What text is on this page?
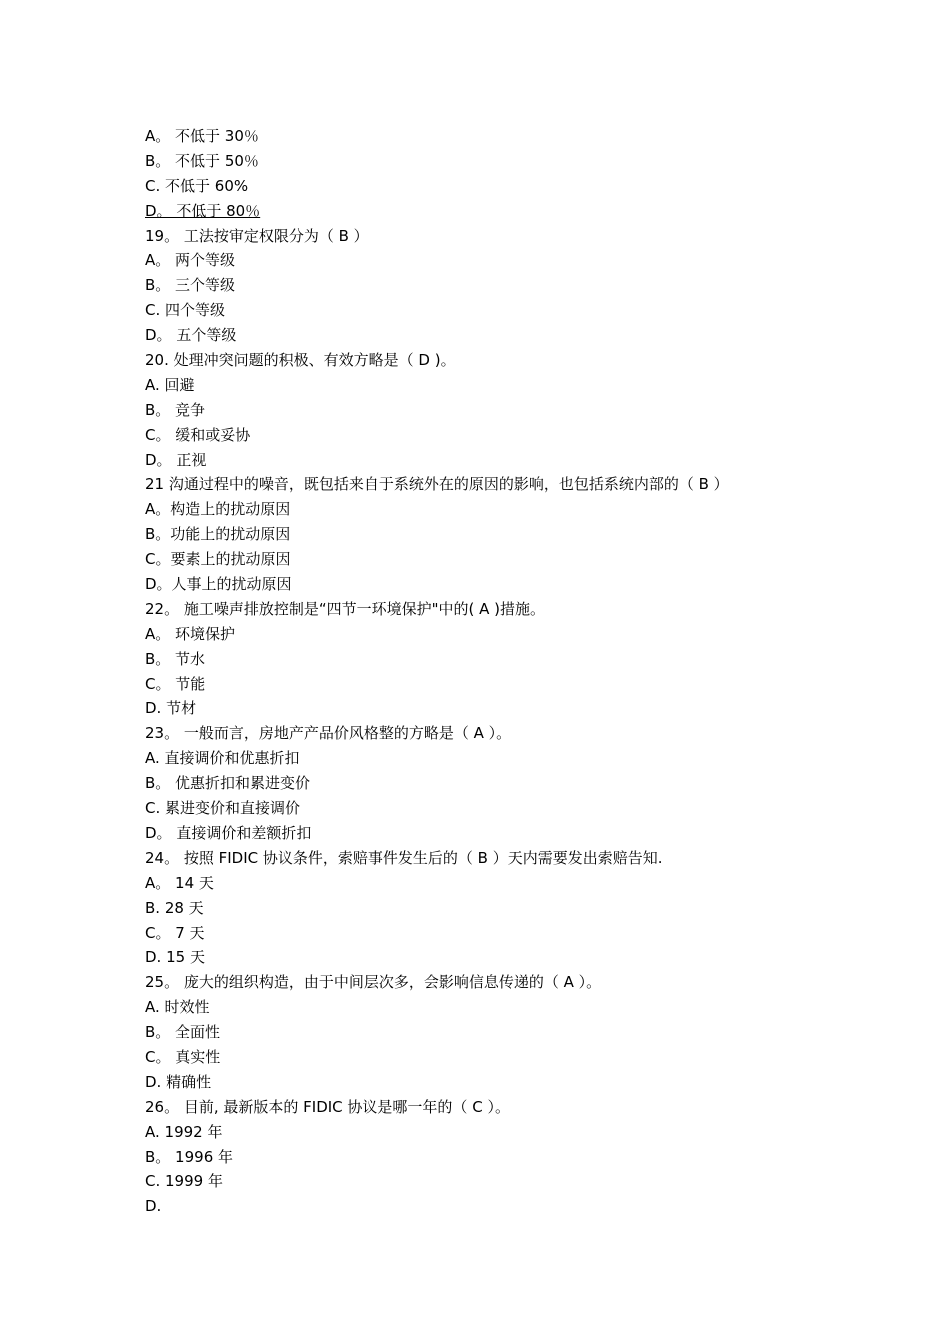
A。 不低于 30％
B。 不低于 50％
C. 不低于 60%
D。 不低于 80％
19。 工法按审定权限分为（ B ）
A。 两个等级
B。 三个等级
C. 四个等级
D。 五个等级
20. 处理冲突问题的积极、有效方略是（ D )。
A. 回避
B。 竞争
C。 缓和或妥协
D。 正视
21 沟通过程中的噪音，既包括来自于系统外在的原因的影响，也包括系统内部的（ B ）
A。构造上的扰动原因
B。功能上的扰动原因
C。要素上的扰动原因
D。人事上的扰动原因
22。 施工噪声排放控制是“四节一环境保护"中的( A )措施。
A。 环境保护
B。 节水
C。 节能
D. 节材
23。 一般而言，房地产产品价风格整的方略是（ A ）。
A. 直接调价和优惠折扣
B。 优惠折扣和累进变价
C. 累进变价和直接调价
D。 直接调价和差额折扣
24。 按照 FIDIC 协议条件，索赔事件发生后的（ B ）天内需要发出索赔告知.
A。 14 天
B. 28 天
C。 7 天
D. 15 天
25。 庞大的组织构造，由于中间层次多，会影响信息传递的（ A ）。
A. 时效性
B。 全面性
C。 真实性
D. 精确性
26。 目前, 最新版本的 FIDIC 协议是哪一年的（ C ）。
A. 1992 年
B。 1996 年
C. 1999 年
D.
